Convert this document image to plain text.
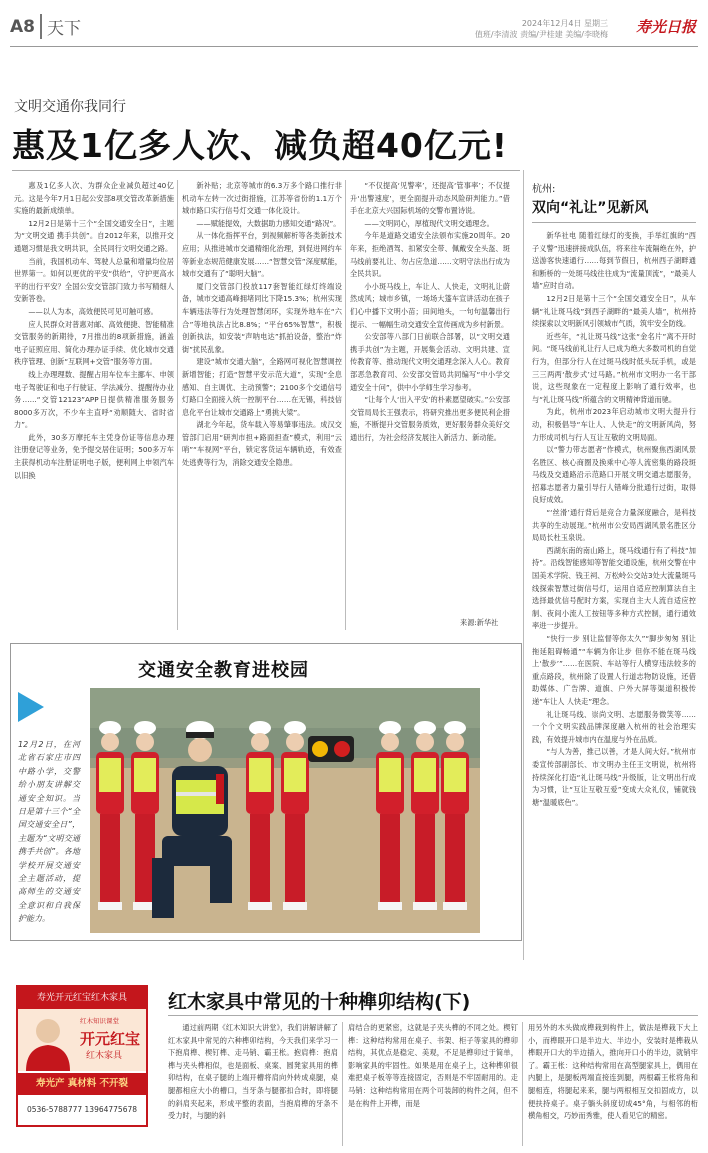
A8 天下	2024年12月4日 星期三
值班/李清波 责编/尹桂建 美编/李晓梅 寿光日报
文明交通你我同行
惠及1亿多人次、减负超40亿元!

惠及1亿多人次、为群众企业减负超过40亿元。这是今年7月1日起公安部8项交管改革新措施实施的最新成绩单。

12月2日是第十三个“全国交通安全日”，主题为“文明交通 携手共创”。自2012年来，以推开交通题习惯是我文明共识，全民同行文明交通之路。

当前，我国机动车、驾驶人总量和增量均位居世界第一。如何以更优的平安“供给”，守护更高水平的出行平安？全国公安交管部门致力书写精细人安新答卷。

——以人为本，高效便民可见可触可感。

应人民群众对普惠对邮、高效便捷、智能精准交管服务的新期待，7月推出的8项新措施，涵盖电子证照应用、简化办理办证手续、优化城市交通秩序管理、创新“互联网+交管”服务等方面。

线上办理理数、提醒占用车位车主挪车、申领电子驾驶证和电子行驶证、学法减分、提醒待办业务……“交管12123”APP日提供精准服务服务8000多万次，不少车主直呼“劝顺随大、省时省力”。

此外，30多万摩托车主凭身份证等信息办理注册登记等业务，免予提交居住证明；500多万车主获得机动车注册证明电子版，便利网上申领汽车以旧换

新补贴；北京等城市的6.3万多个路口推行非机动车左转一次过街措施，江苏等省份的1.1万个城市路口实行信号灯交通一体化设计。

——赋能提效，大数据助力感知交通“路况”。

从一体化指挥平台，到视频解析等各类新技术应用；从推进城市交通精细化治理，到促进网约车等新业态规范健康发展……“智慧交管”深度赋能，城市交通有了“聪明大脑”。

厦门交管部门投放117套智能红绿灯终端设备，城市交通高峰拥堵同比下降15.3%；杭州实现车辆违法等行为处理智慧闭环，实现外地车在“六合”等地执法占比8.8%；“平台65%智慧”，积极创新执法，如安装“声呐电达”抓拍设备，整治“炸街”扰民乱象。

建设“城市交通大脑”，全路网可视化智慧调控新增智能；打造“智慧平安示范大道”，实现“全息感知、自主调优、主动预警”；2100多个交通信号灯路口全面接入统一控制平台……在无锡，科技信息化平台让城市交通路上“勇挑大梁”。

湖北今年起，货车载入等易肇事违法。成汉交管部门启用“研判市担+路面担查”模式，利用“云哨”“车视网”平台，锁定客货运车辆轨迹，有效查处逃费等行为，消除交通安全隐患。

“不仅提高‘见警率’，还提高‘管事率’；不仅提升‘出警速度’，更全面提升动态风险研判能力。”借手在北京大兴国际机场的交警布置诗说。

——文明同心，厚植现代文明交通理念。

今年是道路交通安全法颁布实施20周年。20年来，拒绝酒驾、扣紧安全带、佩戴安全头盔、斑马线前要礼让、勿占应急道……文明守法出行成为全民共识。

小小斑马线上，车让人、人快走，文明礼让蔚然成风；城市乡镇，一场场大篷车宣讲活动在孩子们心中播下文明小苗；田间地头，一句句温馨出行提示、一幅幅生动交通安全宣传画成为乡村新景。

公安部等八部门日前联合部署，以“文明交通 携手共创”为主题，开展集会活动、文明共建、宣传教育等、推动现代文明交通理念深入人心。教育部恶急教育司、公安部交管局共同编写“中小学交通安全十问”，供中小学师生学习参考。

“让每个人‘出入平安’的朴素愿望破实。”公安部交管局局长王强表示，将研究推出更多便民利企措施，不断提升交管服务质效，更好服务群众美好交通出行，为社会经济发展注入新活力、新动能。

来源:新华社
杭州:
双向“礼让”见新风

新华社电 随着红绿灯的变换，手举红旗的“西子义警”迅速拼接成队伍，将来往车流隔绝在外，护送游客快速通行……每到节假日，杭州西子湖畔通和断桥的一处斑马线往往成为“流量顶流”，“最美人墙”应时自动。

12月2日是第十三个“全国交通安全日”，从车辆“礼让斑马线”到西子湖畔的“最美人墙”，杭州持续探索以文明新风引领城市气质，筑牢安全防线。

近些年，“礼让斑马线”这张“金名片”离不开时间。“斑马线前礼让行人已成为绝大多数司机的自觉行为，但部分行人在过斑马线时低头玩手机，或是三三两两‘散步式’过马路。”杭州市文明办一名干部说，这些现象在一定程度上影响了通行效率，也与“礼让斑马线”所蕴含的文明精神背道而驰。

为此，杭州市2023年启动城市文明大提升行动，积极倡导“车让人、人快走”的文明新风尚，努力形成司机与行人互让互敬的文明局面。

以“警力带志愿者”作模式，杭州聚焦西湖风景名胜区、核心商圈及换乘中心等人流密集的路段斑马线及交通路沿示范路口开展文明交通志愿服务，招募志愿者力量引导行人错峰分批通行过街，取得良好成效。

“‘丝滑’通行背后是竞合力量深度融合，是科技共享的生动展现。”杭州市公安局西湖风景名胜区分局局长杜玉泉说。

西湖东南的南山路上，斑马线通行有了科技“加持”。沿线智能感知等智能交通设施，杭州交警在中国美术学院、钱王祠、万松岭公交站3处大流量斑马线探索智慧过街信号灯，运用自适应控制算法自主选择最优信号配时方案，实现自主大人流自适应控制、夜间小流人工按钮等多种方式控制，通行通效率进一步提升。

“快行一步 别让监督等你太久”“脚步匆匆 别让拖延阻碍畅通”“车辆为你让步 但你不能在斑马线上‘散步’”……在医院、车站等行人横穿违法较多的重点路段，杭州除了设置人行道志物防设施，还借助媒体、广告牌、道旗、户外大屏等渠道积极传递“车让人 人快走”理念。

礼让斑马线、崇尚文明、志愿服务微笑等……一个个文明实践品牌深度融入杭州的社会治理实践，有效提升城市内在温度与外在品质。

“与人为善，推己以善，才是人间大好。”杭州市委宣传部副部长、市文明办主任王文明说，杭州将持续深化打造“礼让斑马线”升级版，让文明出行成为习惯，让“互让互敬互爱”变成大众礼仪，铺就钱塘“温暖底色”。

交通安全教育进校园
12月2日，在河北省石家庄市四中路小学，交警给小朋友讲解交通安全知识。当日是第十三个“全国交通安全日”，主题为“文明交通 携手共创”。各地学校开展交通安全主题活动，提高师生的交通安全意识和自我保护能力。
寿光开元红宝红木家具
红木知识课堂
开元红宝
红木家具
寿光产 真材料 不开裂
0536-5788777 13964775678
红木家具中常见的十种榫卯结构(下)

通过前两期《红木知识大讲堂》，我们讲解讲解了红木家具中常见的六种榫卯结构，今天我们来学习一下抱肩榫、楔钉榫、走马销、霸王枨。抱肩榫：抱肩榫与夹头榫相似，也是面板、桌案、圆凳家具用的榫卯结构，在桌子腿的上端开槽将肩向外转成桌腿，桌腿都相应大小的槽口，当牙条与腿都扣合时，即将腿的斜肩夹起来，形成平整的表面，当抱肩榫的牙条不受力时，与腿的斜

肩结合的更紧密，这就是子夹头榫的不同之处。楔钉榫：这种结构常用在桌子、书架、柜子等家具的榫卯结构，其优点是稳定、美观，不足是榫卯过于简单，影响家具的牢固性。如果是用在桌子上，这种榫卯很难把桌子板等等连接固定，否则是不牢固耐用的。走马销：这种结构常用在两个可装卸的构件之间，但不是在构件上开榫，而是

用另外的木头做成榫栽到构件上，做法是榫栽下大上小，而榫眼开口是半边大、半边小，安装时是榫栽从榫眼开口大的半边插入，推向开口小的半边，就销牢了。霸王枨：这种结构常用在高型腿家具上，偶用在内腿上，是腿板两端直接连到腿，两根霸王枨将角和腿相连，将腿起来来，腿与两根相互交扣固成方，以便扶持桌子。桌子躺头斜度切成45°角，与相邻的桁横角相交，巧妙而秀雅，使人看见它的精密。
